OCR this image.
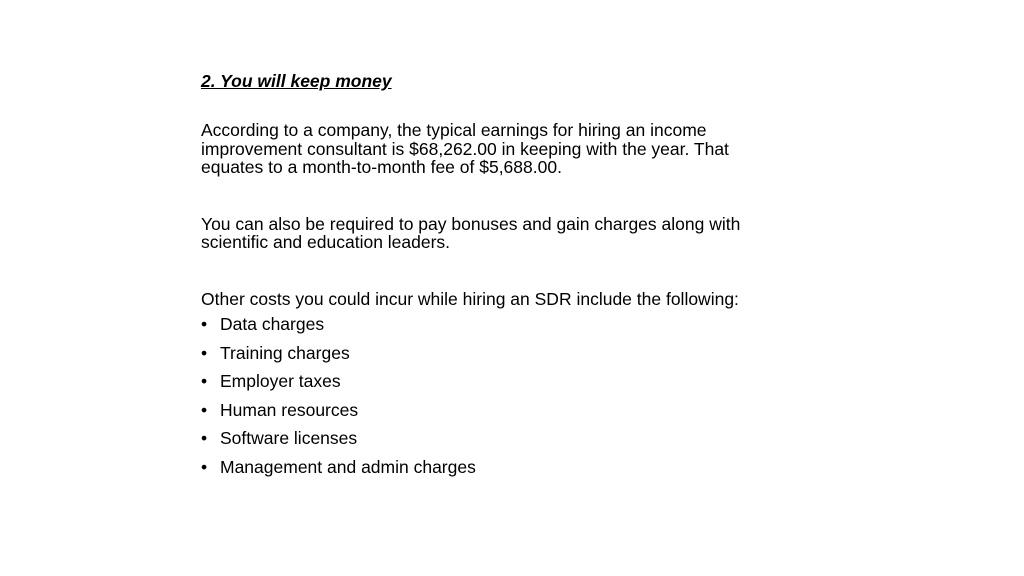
2. You will keep money

According to a company, the typical earnings for hiring an income improvement consultant is $68,262.00 in keeping with the year. That equates to a month-to-month fee of $5,688.00.

You can also be required to pay bonuses and gain charges along with scientific and education leaders.

Other costs you could incur while hiring an SDR include the following:

• Data charges
• Training charges
• Employer taxes
• Human resources
• Software licenses
• Management and admin charges
